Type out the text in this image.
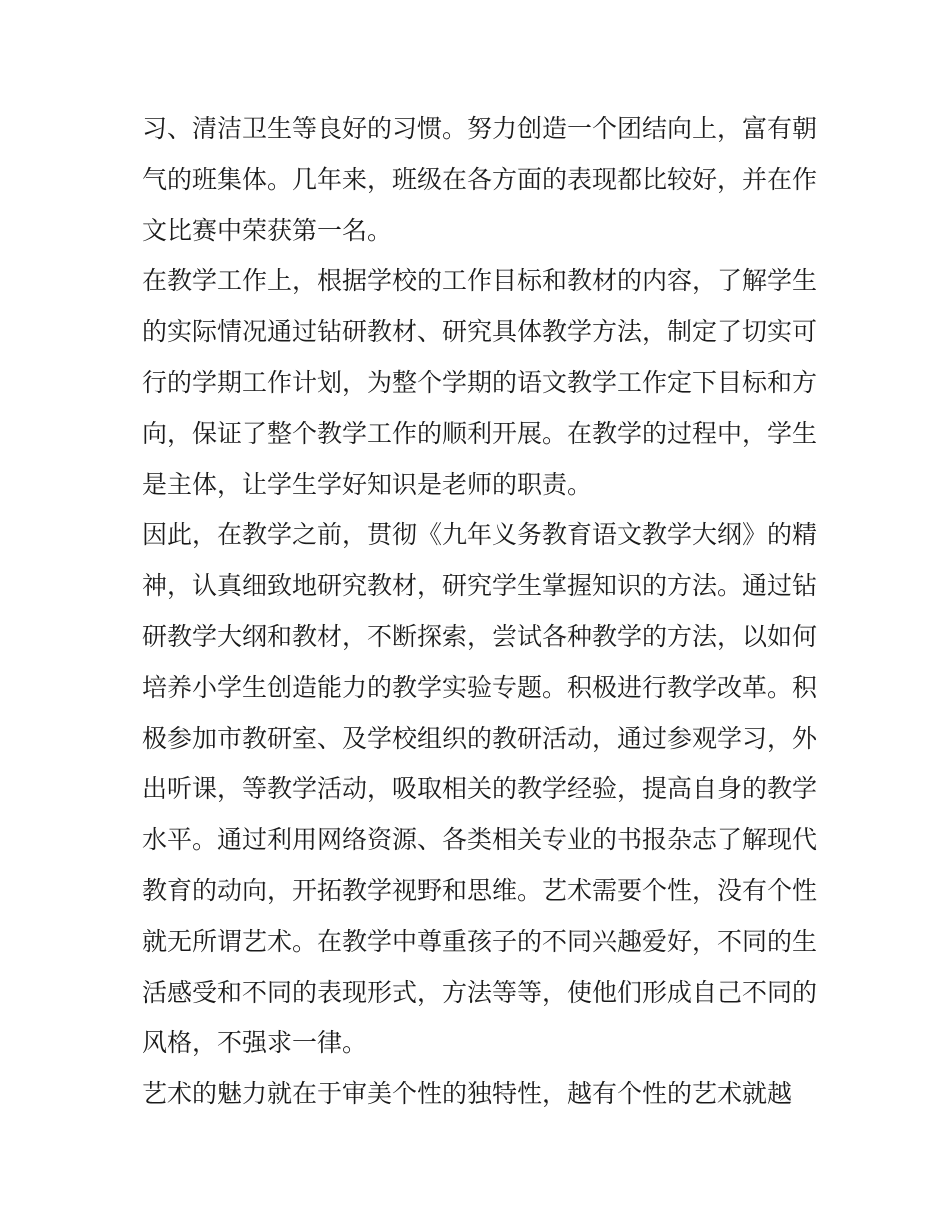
习、清洁卫生等良好的习惯。努力创造一个团结向上，富有朝
气的班集体。几年来，班级在各方面的表现都比较好，并在作
文比赛中荣获第一名。

在教学工作上，根据学校的工作目标和教材的内容，了解学生
的实际情况通过钻研教材、研究具体教学方法，制定了切实可
行的学期工作计划，为整个学期的语文教学工作定下目标和方
向，保证了整个教学工作的顺利开展。在教学的过程中，学生
是主体，让学生学好知识是老师的职责。

因此，在教学之前，贯彻《九年义务教育语文教学大纲》的精
神，认真细致地研究教材，研究学生掌握知识的方法。通过钻
研教学大纲和教材，不断探索，尝试各种教学的方法，以如何
培养小学生创造能力的教学实验专题。积极进行教学改革。积
极参加市教研室、及学校组织的教研活动，通过参观学习，外
出听课，等教学活动，吸取相关的教学经验，提高自身的教学
水平。通过利用网络资源、各类相关专业的书报杂志了解现代
教育的动向，开拓教学视野和思维。艺术需要个性，没有个性
就无所谓艺术。在教学中尊重孩子的不同兴趣爱好，不同的生
活感受和不同的表现形式，方法等等，使他们形成自己不同的
风格，不强求一律。

艺术的魅力就在于审美个性的独特性，越有个性的艺术就越
